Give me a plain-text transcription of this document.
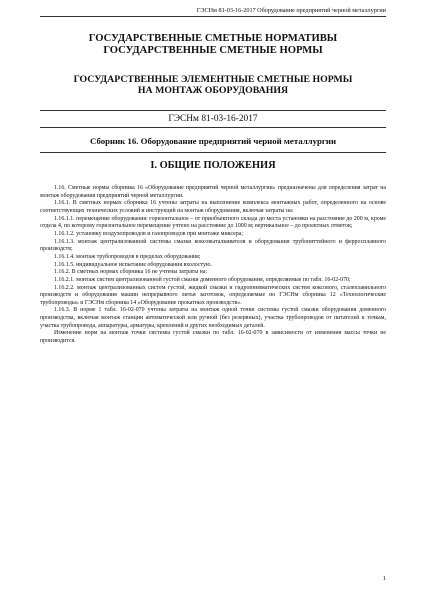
ГЭСНм 81-03-16-2017 Оборудование предприятий черной металлургии
ГОСУДАРСТВЕННЫЕ СМЕТНЫЕ НОРМАТИВЫ
ГОСУДАРСТВЕННЫЕ СМЕТНЫЕ НОРМЫ
ГОСУДАРСТВЕННЫЕ ЭЛЕМЕНТНЫЕ СМЕТНЫЕ НОРМЫ
НА МОНТАЖ ОБОРУДОВАНИЯ
ГЭСНм 81-03-16-2017
Сборник 16. Оборудование предприятий черной металлургии
I. ОБЩИЕ ПОЛОЖЕНИЯ

1.16. Сметные нормы сборника 16 «Оборудование предприятий черной металлургии» предназначены для определения затрат на монтаж оборудования предприятий черной металлургии.

1.16.1. В сметных нормах сборника 16 учтены затраты на выполнение комплекса монтажных работ, определенного на основе соответствующих технических условий и инструкций на монтаж оборудования, включая затраты на:

1.16.1.1. перемещение оборудования: горизонтальное – от приобъектного склада до места установки на расстояние до 200 м, кроме отдела 4, по которому горизонтальное перемещение учтено на расстояние до 1000 м; вертикальное – до проектных отметок;

1.16.1.2. установку воздухопроводов и газопроводов при монтаже миксера;

1.16.1.3. монтаж централизованной системы смазки коксовыталкивателя и оборудования трубопиттейного и ферросплавного производств;

1.16.1.4. монтаж трубопроводов в пределах оборудования;

1.16.1.5. индивидуальное испытание оборудования вхолостую.

1.16.2. В сметных нормах сборника 16 не учтены затраты на:

1.16.2.1. монтаж систем централизованной густой смазки доменного оборудования, определяемые по табл. 16-02-070;

1.16.2.2. монтаж централизованных систем густой, жидкой смазки и гидропневматических систем коксового, сталеплавильного производств и оборудования машин непрерывного литья заготовок, определяемые по ГЭСНм сборника 12 «Технологические трубопроводы» и ГЭСНм сборника 14 «Оборудование прокатных производств».

1.16.3. В норме 1 табл. 16-02-070 учтены затраты на монтаж одной точки системы густой смазки оборудования доменного производства, включая монтаж станции автоматической или ручной (без резервных), участка трубопроводов от питателей к точкам, участка трубопровода, аппаратуры, арматуры, креплений и других необходимых деталей.

Изменение норм на монтаж точки системы густой смазки по табл. 16-02-070 в зависимости от изменения массы точки не производится.

1
